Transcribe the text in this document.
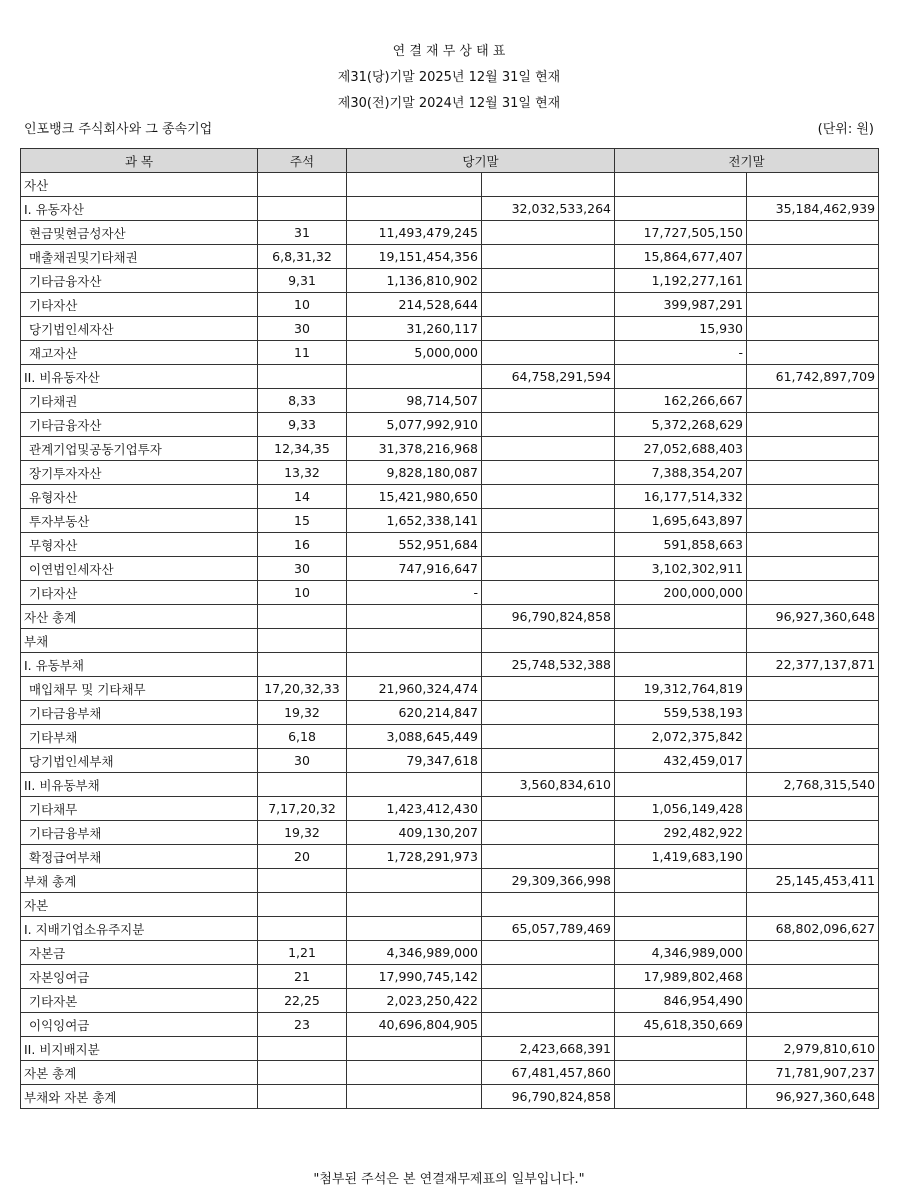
연 결 재 무 상 태 표
제31(당)기말 2025년 12월 31일 현재
제30(전)기말 2024년 12월 31일 현재
인포뱅크 주식회사와 그 종속기업	(단위: 원)
과 목	주석	당기말		전기말	
자산					
I. 유동자산			32,032,533,264		35,184,462,939
현금및현금성자산	31	11,493,479,245		17,727,505,150	
매출채권및기타채권	6,8,31,32	19,151,454,356		15,864,677,407	
기타금융자산	9,31	1,136,810,902		1,192,277,161	
기타자산	10	214,528,644		399,987,291	
당기법인세자산	30	31,260,117		15,930	
재고자산	11	5,000,000		-	
II. 비유동자산			64,758,291,594		61,742,897,709
기타채권	8,33	98,714,507		162,266,667	
기타금융자산	9,33	5,077,992,910		5,372,268,629	
관계기업및공동기업투자	12,34,35	31,378,216,968		27,052,688,403	
장기투자자산	13,32	9,828,180,087		7,388,354,207	
유형자산	14	15,421,980,650		16,177,514,332	
투자부동산	15	1,652,338,141		1,695,643,897	
무형자산	16	552,951,684		591,858,663	
이연법인세자산	30	747,916,647		3,102,302,911	
기타자산	10	-		200,000,000	
자산 총계			96,790,824,858		96,927,360,648
부채					
I. 유동부채			25,748,532,388		22,377,137,871
매입채무 및 기타채무	17,20,32,33	21,960,324,474		19,312,764,819	
기타금융부채	19,32	620,214,847		559,538,193	
기타부채	6,18	3,088,645,449		2,072,375,842	
당기법인세부채	30	79,347,618		432,459,017	
II. 비유동부채			3,560,834,610		2,768,315,540
기타채무	7,17,20,32	1,423,412,430		1,056,149,428	
기타금융부채	19,32	409,130,207		292,482,922	
확정급여부채	20	1,728,291,973		1,419,683,190	
부채 총계			29,309,366,998		25,145,453,411
자본					
I. 지배기업소유주지분			65,057,789,469		68,802,096,627
자본금	1,21	4,346,989,000		4,346,989,000	
자본잉여금	21	17,990,745,142		17,989,802,468	
기타자본	22,25	2,023,250,422		846,954,490	
이익잉여금	23	40,696,804,905		45,618,350,669	
II. 비지배지분			2,423,668,391		2,979,810,610
자본 총계			67,481,457,860		71,781,907,237
부채와 자본 총계			96,790,824,858		96,927,360,648
"첨부된 주석은 본 연결재무제표의 일부입니다."
